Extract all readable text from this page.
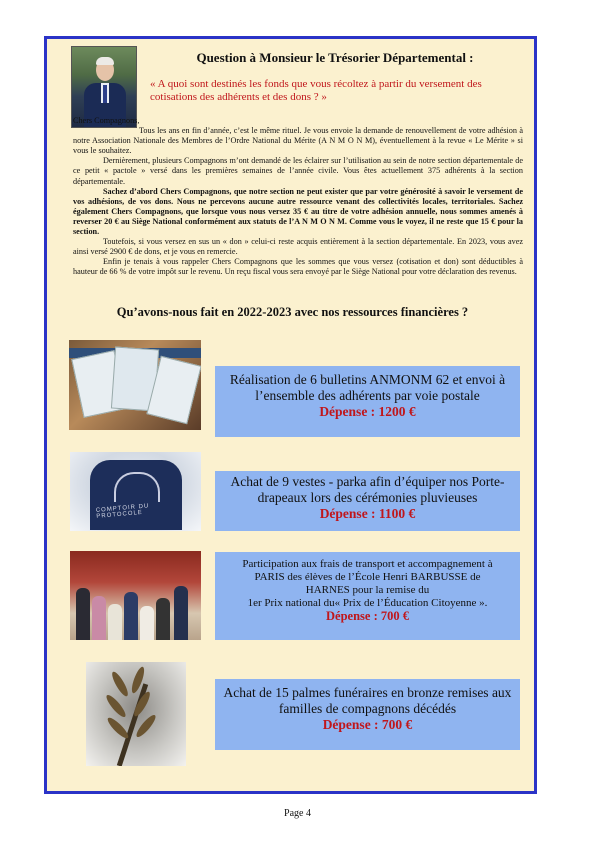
Question à Monsieur le Trésorier Départemental :
« A quoi sont destinés les fonds que vous récoltez à partir du versement des cotisations des adhérents et des dons ? »

Chers Compagnons,

Tous les ans en fin d’année, c’est le même rituel. Je vous envoie la demande de renouvellement de votre adhésion à notre Association Nationale des Membres de l’Ordre National du Mérite (A N M O N M), éventuellement à la revue « Le Mérite » si vous le souhaitez.

Dernièrement, plusieurs Compagnons m’ont demandé de les éclairer sur l’utilisation au sein de notre section départementale de ce petit « pactole » versé dans les premières semaines de l’année civile. Vous êtes actuellement 375 adhérents à la section départementale.

Sachez d’abord Chers Compagnons, que notre section ne peut exister que par votre générosité à savoir le versement de vos adhésions, de vos dons. Nous ne percevons aucune autre ressource venant des collectivités locales, territoriales. Sachez également Chers Compagnons, que lorsque vous nous versez 35 € au titre de votre adhésion annuelle, nous sommes amenés à reverser 20 € au Siège National conformément aux statuts de l’A N M O N M. Comme vous le voyez, il ne reste que 15 € pour la section.

Toutefois, si vous versez en sus un « don » celui-ci reste acquis entièrement à la section départementale. En 2023, vous avez ainsi versé 2900 € de dons, et je vous en remercie.

Enfin je tenais à vous rappeler Chers Compagnons que les sommes que vous versez (cotisation et don) sont déductibles à hauteur de 66 % de votre impôt sur le revenu. Un reçu fiscal vous sera envoyé par le Siège National pour votre déclaration des revenus.

Qu’avons-nous fait en 2022-2023 avec nos ressources financières ?
Réalisation de 6 bulletins ANMONM 62 et envoi à
l’ensemble des adhérents par voie postale
Dépense : 1200 €
COMPTOIR DU PROTOCOLE
Achat de 9 vestes - parka afin d’équiper nos Porte-
drapeaux lors des cérémonies pluvieuses
Dépense : 1100 €
Participation aux frais de transport et accompagnement à
PARIS des élèves de l’École Henri BARBUSSE de
HARNES pour la remise du
1er Prix national du« Prix de l’Éducation Citoyenne ».
Dépense : 700 €
Achat de 15 palmes funéraires en bronze remises aux
familles de compagnons décédés
Dépense : 700 €
Page 4
